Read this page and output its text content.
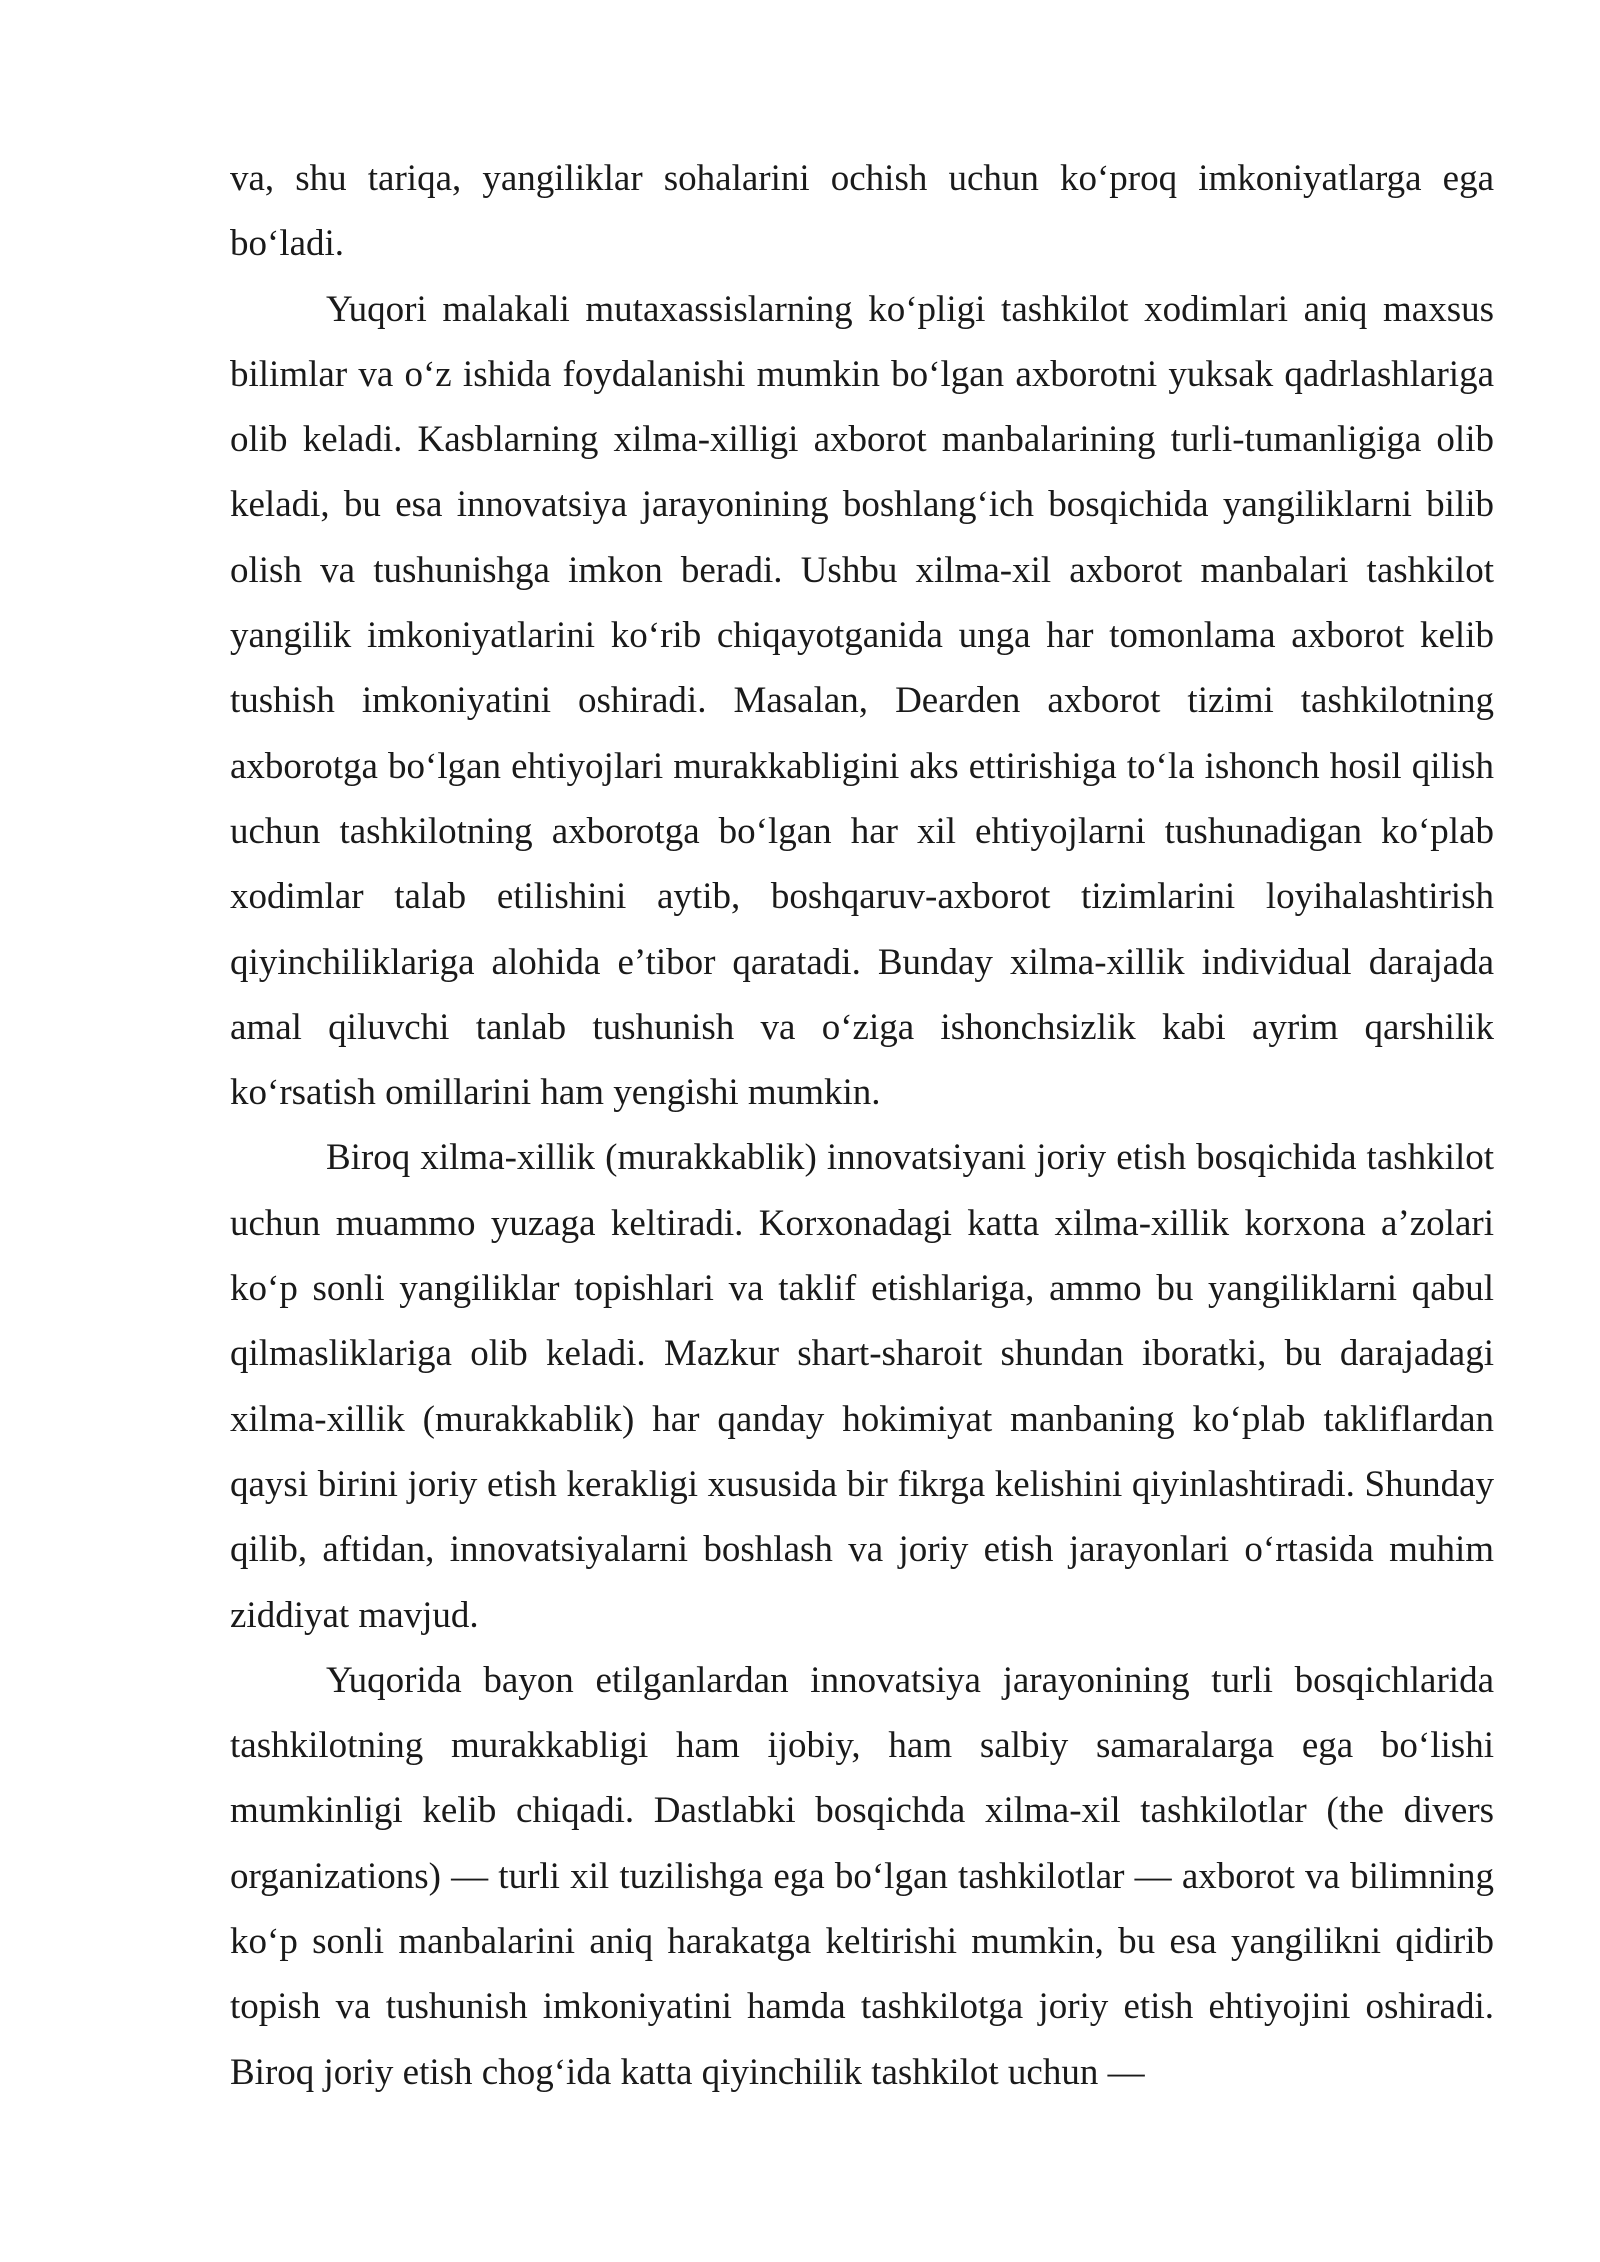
va, shu tariqa, yangiliklar sohalarini ochish uchun ko‘proq imkoniyatlarga ega bo‘ladi.

Yuqori malakali mutaxassislarning ko‘pligi tashkilot xodimlari aniq maxsus bilimlar va o‘z ishida foydalanishi mumkin bo‘lgan axborotni yuksak qadrlashlariga olib keladi. Kasblarning xilma-xilligi axborot manbalarining turli-tumanligiga olib keladi, bu esa innovatsiya jarayonining boshlang‘ich bosqichida yangiliklarni bilib olish va tushunishga imkon beradi. Ushbu xilma-xil axborot manbalari tashkilot yangilik imkoniyatlarini ko‘rib chiqayotganida unga har tomonlama axborot kelib tushish imkoniyatini oshiradi. Masalan, Dearden axborot tizimi tashkilotning axborotga bo‘lgan ehtiyojlari murakkabligini aks ettirishiga to‘la ishonch hosil qilish uchun tashkilotning axborotga bo‘lgan har xil ehtiyojlarni tushunadigan ko‘plab xodimlar talab etilishini aytib, boshqaruv-axborot tizimlarini loyihalashtirish qiyinchiliklariga alohida e’tibor qaratadi. Bunday xilma-xillik individual darajada amal qiluvchi tanlab tushunish va o‘ziga ishonchsizlik kabi ayrim qarshilik ko‘rsatish omillarini ham yengishi mumkin.

Biroq xilma-xillik (murakkablik) innovatsiyani joriy etish bosqichida tashkilot uchun muammo yuzaga keltiradi. Korxonadagi katta xilma-xillik korxona a’zolari ko‘p sonli yangiliklar topishlari va taklif etishlariga, ammo bu yangiliklarni qabul qilmasliklariga olib keladi. Mazkur shart-sharoit shundan iboratki, bu darajadagi xilma-xillik (murakkablik) har qanday hokimiyat manbaning ko‘plab takliflardan qaysi birini joriy etish kerakligi xususida bir fikrga kelishini qiyinlashtiradi. Shunday qilib, aftidan, innovatsiyalarni boshlash va joriy etish jarayonlari o‘rtasida muhim ziddiyat mavjud.

Yuqorida bayon etilganlardan innovatsiya jarayonining turli bosqichlarida tashkilotning murakkabligi ham ijobiy, ham salbiy samaralarga ega bo‘lishi mumkinligi kelib chiqadi. Dastlabki bosqichda xilma-xil tashkilotlar (the divers organizations) — turli xil tuzilishga ega bo‘lgan tashkilotlar — axborot va bilimning ko‘p sonli manbalarini aniq harakatga keltirishi mumkin, bu esa yangilikni qidirib topish va tushunish imkoniyatini hamda tashkilotga joriy etish ehtiyojini oshiradi. Biroq joriy etish chog‘ida katta qiyinchilik tashkilot uchun —
